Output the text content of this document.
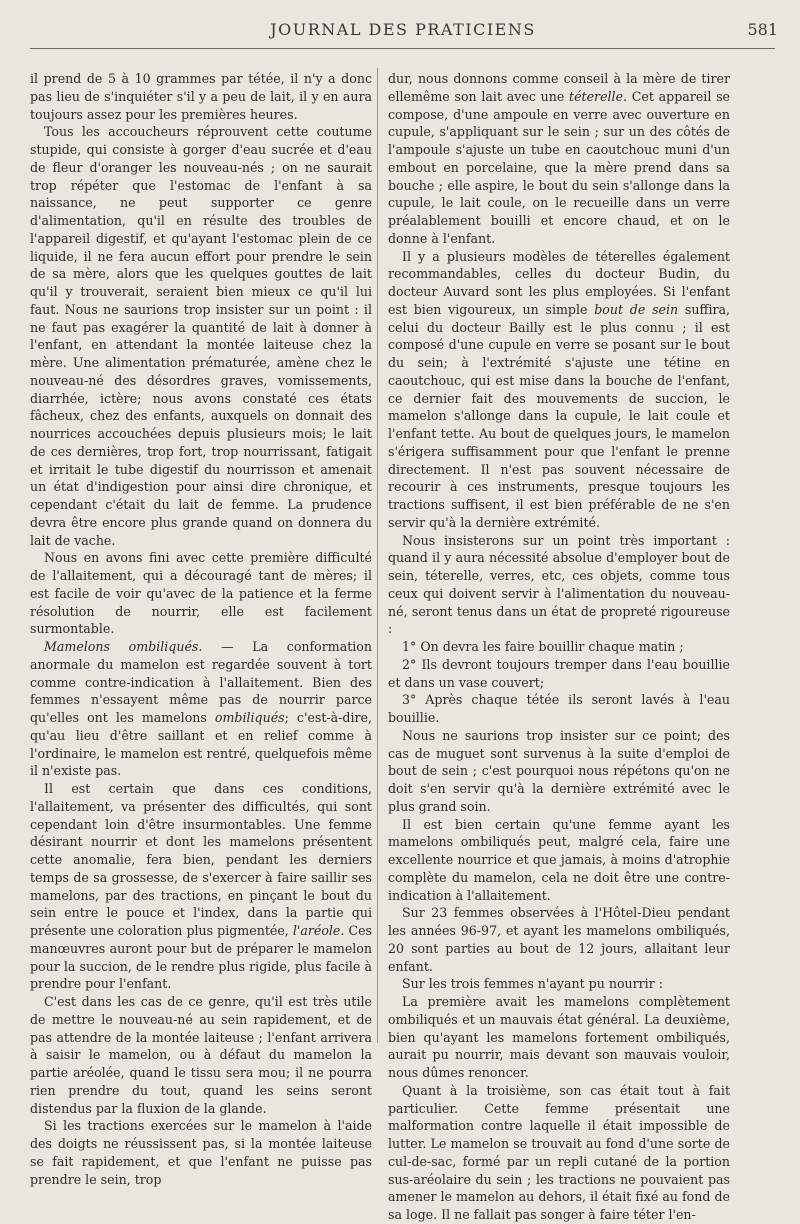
JOURNAL DES PRATICIENS	581

il prend de 5 à 10 grammes par tétée, il n'y a donc pas lieu de s'inquiéter s'il y a peu de lait, il y en aura toujours assez pour les premières heures.

Tous les accoucheurs réprouvent cette coutume stupide, qui consiste à gorger d'eau sucrée et d'eau de fleur d'oranger les nouveau-nés ; on ne saurait trop répéter que l'estomac de l'enfant à sa naissance, ne peut supporter ce genre d'alimentation, qu'il en résulte des troubles de l'appareil digestif, et qu'ayant l'estomac plein de ce liquide, il ne fera aucun effort pour prendre le sein de sa mère, alors que les quelques gouttes de lait qu'il y trouverait, seraient bien mieux ce qu'il lui faut. Nous ne saurions trop insister sur un point : il ne faut pas exagérer la quantité de lait à donner à l'enfant, en attendant la montée laiteuse chez la mère. Une alimentation prématurée, amène chez le nouveau-né des désordres graves, vomissements, diarrhée, ictère; nous avons constaté ces états fâcheux, chez des enfants, auxquels on donnait des nourrices accouchées depuis plusieurs mois; le lait de ces dernières, trop fort, trop nourrissant, fatigait et irritait le tube digestif du nourrisson et amenait un état d'indigestion pour ainsi dire chronique, et cependant c'était du lait de femme. La prudence devra être encore plus grande quand on donnera du lait de vache.

Nous en avons fini avec cette première difficulté de l'allaitement, qui a découragé tant de mères; il est facile de voir qu'avec de la patience et la ferme résolution de nourrir, elle est facilement surmontable.

Mamelons ombiliqués. — La conformation anormale du mamelon est regardée souvent à tort comme contre-indication à l'allaitement. Bien des femmes n'essayent même pas de nourrir parce qu'elles ont les mamelons ombiliqués; c'est-à-dire, qu'au lieu d'être saillant et en relief comme à l'ordinaire, le mamelon est rentré, quelquefois même il n'existe pas.

Il est certain que dans ces conditions, l'allaitement, va présenter des difficultés, qui sont cependant loin d'être insurmontables. Une femme désirant nourrir et dont les mamelons présentent cette anomalie, fera bien, pendant les derniers temps de sa grossesse, de s'exercer à faire saillir ses mamelons, par des tractions, en pinçant le bout du sein entre le pouce et l'index, dans la partie qui présente une coloration plus pigmentée, l'aréole. Ces manœuvres auront pour but de préparer le mamelon pour la succion, de le rendre plus rigide, plus facile à prendre pour l'enfant.

C'est dans les cas de ce genre, qu'il est très utile de mettre le nouveau-né au sein rapidement, et de pas attendre de la montée laiteuse ; l'enfant arrivera à saisir le mamelon, ou à défaut du mamelon la partie aréolée, quand le tissu sera mou; il ne pourra rien prendre du tout, quand les seins seront distendus par la fluxion de la glande.

Si les tractions exercées sur le mamelon à l'aide des doigts ne réussissent pas, si la montée laiteuse se fait rapidement, et que l'enfant ne puisse pas prendre le sein, trop

dur, nous donnons comme conseil à la mère de tirer ellemême son lait avec une téterelle. Cet appareil se compose, d'une ampoule en verre avec ouverture en cupule, s'appliquant sur le sein ; sur un des côtés de l'ampoule s'ajuste un tube en caoutchouc muni d'un embout en porcelaine, que la mère prend dans sa bouche ; elle aspire, le bout du sein s'allonge dans la cupule, le lait coule, on le recueille dans un verre préalablement bouilli et encore chaud, et on le donne à l'enfant.

Il y a plusieurs modèles de téterelles également recommandables, celles du docteur Budin, du docteur Auvard sont les plus employées. Si l'enfant est bien vigoureux, un simple bout de sein suffira, celui du docteur Bailly est le plus connu ; il est composé d'une cupule en verre se posant sur le bout du sein; à l'extrémité s'ajuste une tétine en caoutchouc, qui est mise dans la bouche de l'enfant, ce dernier fait des mouvements de succion, le mamelon s'allonge dans la cupule, le lait coule et l'enfant tette. Au bout de quelques jours, le mamelon s'érigera suffisamment pour que l'enfant le prenne directement. Il n'est pas souvent nécessaire de recourir à ces instruments, presque toujours les tractions suffisent, il est bien préférable de ne s'en servir qu'à la dernière extrémité.

Nous insisterons sur un point très important : quand il y aura nécessité absolue d'employer bout de sein, téterelle, verres, etc, ces objets, comme tous ceux qui doivent servir à l'alimentation du nouveau-né, seront tenus dans un état de propreté rigoureuse :

1° On devra les faire bouillir chaque matin ;

2° Ils devront toujours tremper dans l'eau bouillie et dans un vase couvert;

3° Après chaque tétée ils seront lavés à l'eau bouillie.

Nous ne saurions trop insister sur ce point; des cas de muguet sont survenus à la suite d'emploi de bout de sein ; c'est pourquoi nous répétons qu'on ne doit s'en servir qu'à la dernière extrémité avec le plus grand soin.

Il est bien certain qu'une femme ayant les mamelons ombiliqués peut, malgré cela, faire une excellente nourrice et que jamais, à moins d'atrophie complète du mamelon, cela ne doit être une contre-indication à l'allaitement.

Sur 23 femmes observées à l'Hôtel-Dieu pendant les années 96-97, et ayant les mamelons ombiliqués, 20 sont parties au bout de 12 jours, allaitant leur enfant.

Sur les trois femmes n'ayant pu nourrir :

La première avait les mamelons complètement ombiliqués et un mauvais état général. La deuxième, bien qu'ayant les mamelons fortement ombiliqués, aurait pu nourrir, mais devant son mauvais vouloir, nous dûmes renoncer.

Quant à la troisième, son cas était tout à fait particulier. Cette femme présentait une malformation contre laquelle il était impossible de lutter. Le mamelon se trouvait au fond d'une sorte de cul-de-sac, formé par un repli cutané de la portion sus-aréolaire du sein ; les tractions ne pouvaient pas amener le mamelon au dehors, il était fixé au fond de sa loge. Il ne fallait pas songer à faire téter l'en-
